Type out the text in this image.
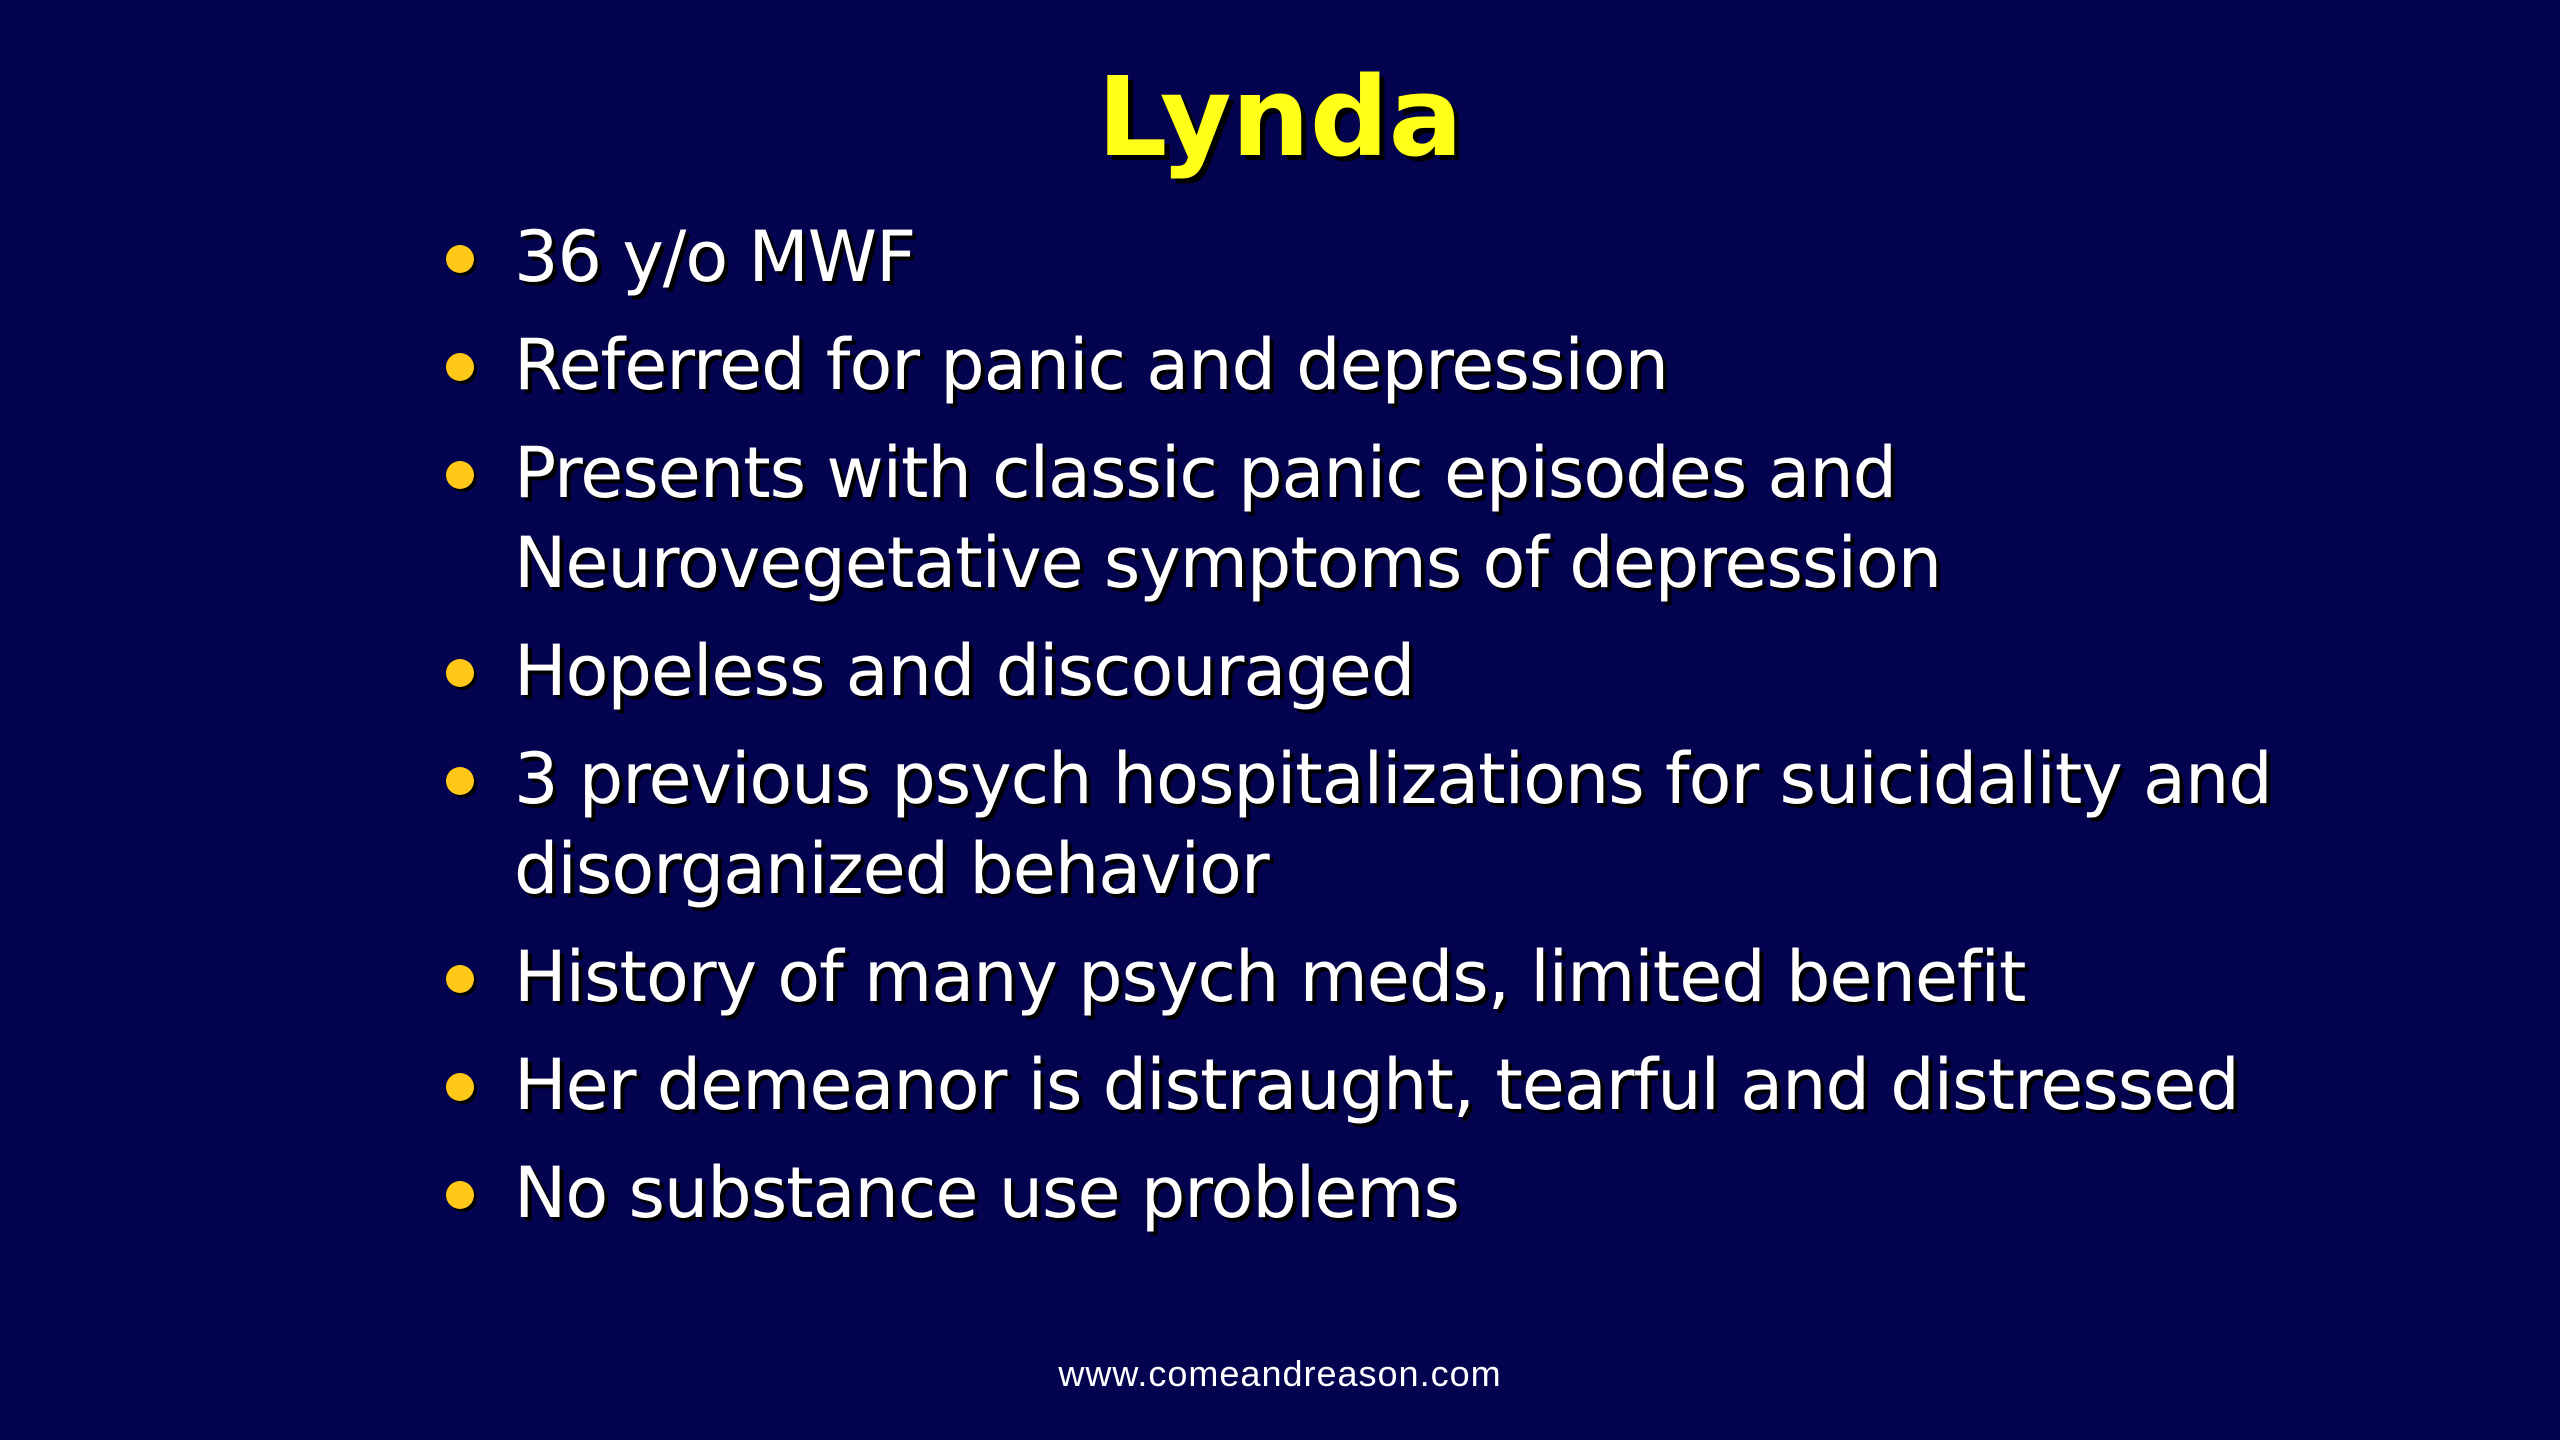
Lynda
36 y/o MWF
Referred for panic and depression
Presents with classic panic episodes and Neurovegetative symptoms of depression
Hopeless and discouraged
3 previous psych hospitalizations for suicidality and disorganized behavior
History of many psych meds, limited benefit
Her demeanor is distraught, tearful and distressed
No substance use problems
www.comeandreason.com
